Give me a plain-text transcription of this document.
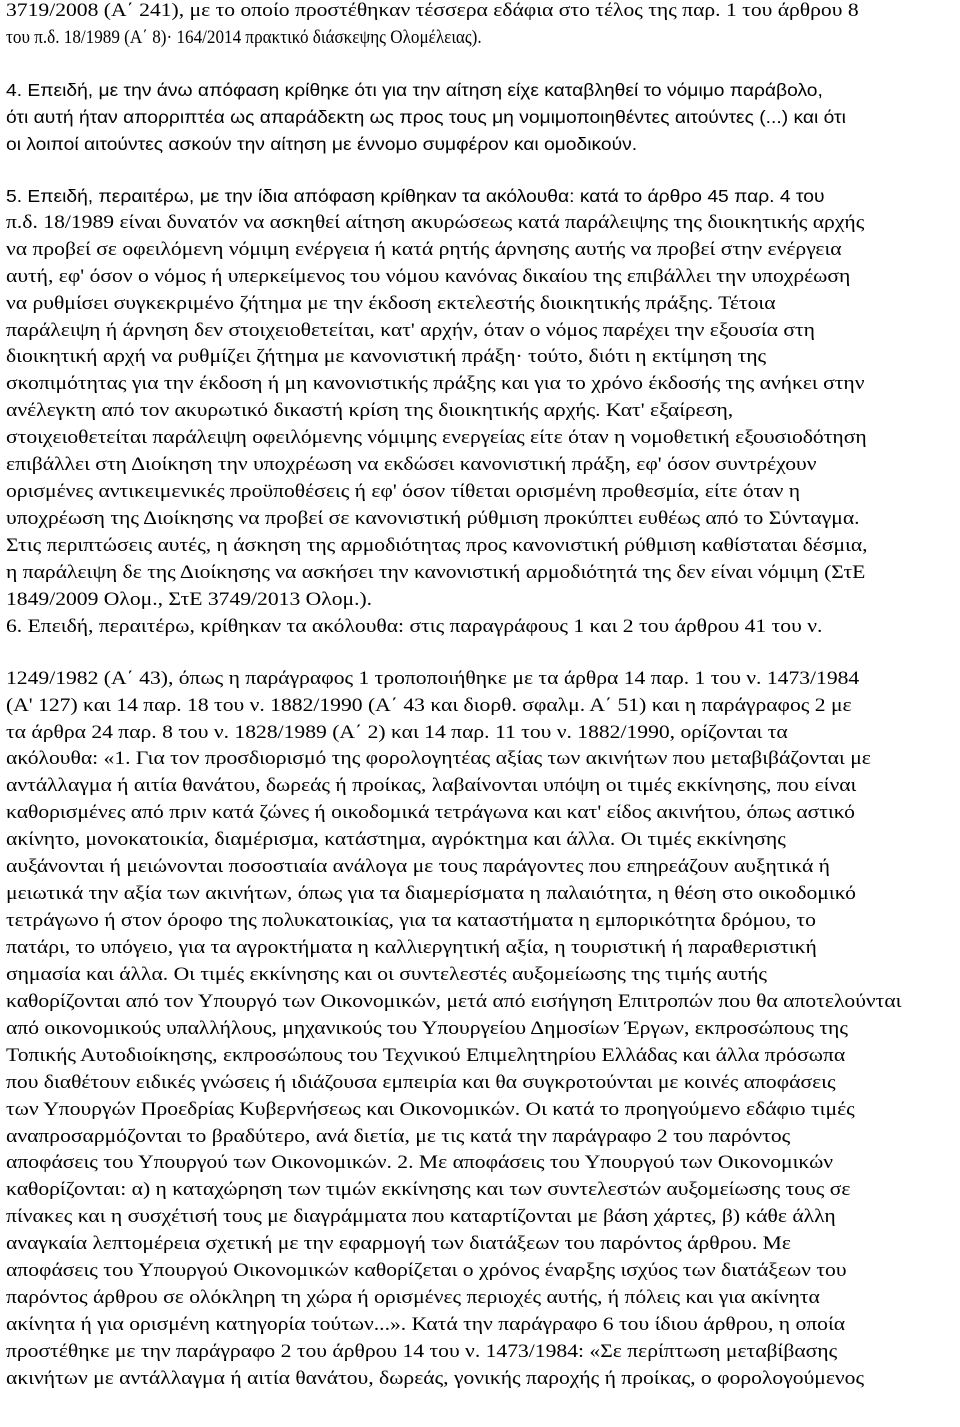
3719/2008 (Α΄ 241), με το οποίο προστέθηκαν τέσσερα εδάφια στο τέλος της παρ. 1 του άρθρου 8
του π.δ. 18/1989 (Α΄ 8)· 164/2014 πρακτικό διάσκεψης Ολομέλειας).
4. Επειδή, με την άνω απόφαση κρίθηκε ότι για την αίτηση είχε καταβληθεί το νόμιμο παράβολο,
ότι αυτή ήταν απορριπτέα ως απαράδεκτη ως προς τους μη νομιμοποιηθέντες αιτούντες (...) και ότι
οι λοιποί αιτούντες ασκούν την αίτηση με έννομο συμφέρον και ομοδικούν.
5. Επειδή, περαιτέρω, με την ίδια απόφαση κρίθηκαν τα ακόλουθα: κατά το άρθρο 45 παρ. 4 του
π.δ. 18/1989 είναι δυνατόν να ασκηθεί αίτηση ακυρώσεως κατά παράλειψης της διοικητικής αρχής
να προβεί σε οφειλόμενη νόμιμη ενέργεια ή κατά ρητής άρνησης αυτής να προβεί στην ενέργεια
αυτή, εφ' όσον ο νόμος ή υπερκείμενος του νόμου κανόνας δικαίου της επιβάλλει την υποχρέωση
να ρυθμίσει συγκεκριμένο ζήτημα με την έκδοση εκτελεστής διοικητικής πράξης. Τέτοια
παράλειψη ή άρνηση δεν στοιχειοθετείται, κατ' αρχήν, όταν ο νόμος παρέχει την εξουσία στη
διοικητική αρχή να ρυθμίζει ζήτημα με κανονιστική πράξη· τούτο, διότι η εκτίμηση της
σκοπιμότητας για την έκδοση ή μη κανονιστικής πράξης και για το χρόνο έκδοσής της ανήκει στην
ανέλεγκτη από τον ακυρωτικό δικαστή κρίση της διοικητικής αρχής. Κατ' εξαίρεση,
στοιχειοθετείται παράλειψη οφειλόμενης νόμιμης ενεργείας είτε όταν η νομοθετική εξουσιοδότηση
επιβάλλει στη Διοίκηση την υποχρέωση να εκδώσει κανονιστική πράξη, εφ' όσον συντρέχουν
ορισμένες αντικειμενικές προϋποθέσεις ή εφ' όσον τίθεται ορισμένη προθεσμία, είτε όταν η
υποχρέωση της Διοίκησης να προβεί σε κανονιστική ρύθμιση προκύπτει ευθέως από το Σύνταγμα.
Στις περιπτώσεις αυτές, η άσκηση της αρμοδιότητας προς κανονιστική ρύθμιση καθίσταται δέσμια,
η παράλειψη δε της Διοίκησης να ασκήσει την κανονιστική αρμοδιότητά της δεν είναι νόμιμη (ΣτΕ
1849/2009 Ολομ., ΣτΕ 3749/2013 Ολομ.).
6. Επειδή, περαιτέρω, κρίθηκαν τα ακόλουθα: στις παραγράφους 1 και 2 του άρθρου 41 του ν.
1249/1982 (Α΄ 43), όπως η παράγραφος 1 τροποποιήθηκε με τα άρθρα 14 παρ. 1 του ν. 1473/1984
(Α' 127) και 14 παρ. 18 του ν. 1882/1990 (Α΄ 43 και διορθ. σφαλμ. Α΄ 51) και η παράγραφος 2 με
τα άρθρα 24 παρ. 8 του ν. 1828/1989 (Α΄ 2) και 14 παρ. 11 του ν. 1882/1990, ορίζονται τα
ακόλουθα: «1. Για τον προσδιορισμό της φορολογητέας αξίας των ακινήτων που μεταβιβάζονται με
αντάλλαγμα ή αιτία θανάτου, δωρεάς ή προίκας, λαβαίνονται υπόψη οι τιμές εκκίνησης, που είναι
καθορισμένες από πριν κατά ζώνες ή οικοδομικά τετράγωνα και κατ' είδος ακινήτου, όπως αστικό
ακίνητο, μονοκατοικία, διαμέρισμα, κατάστημα, αγρόκτημα και άλλα. Οι τιμές εκκίνησης
αυξάνονται ή μειώνονται ποσοστιαία ανάλογα με τους παράγοντες που επηρεάζουν αυξητικά ή
μειωτικά την αξία των ακινήτων, όπως για τα διαμερίσματα η παλαιότητα, η θέση στο οικοδομικό
τετράγωνο ή στον όροφο της πολυκατοικίας, για τα καταστήματα η εμπορικότητα δρόμου, το
πατάρι, το υπόγειο, για τα αγροκτήματα η καλλιεργητική αξία, η τουριστική ή παραθεριστική
σημασία και άλλα. Οι τιμές εκκίνησης και οι συντελεστές αυξομείωσης της τιμής αυτής
καθορίζονται από τον Υπουργό των Οικονομικών, μετά από εισήγηση Επιτροπών που θα αποτελούνται
από οικονομικούς υπαλλήλους, μηχανικούς του Υπουργείου Δημοσίων Έργων, εκπροσώπους της
Τοπικής Αυτοδιοίκησης, εκπροσώπους του Τεχνικού Επιμελητηρίου Ελλάδας και άλλα πρόσωπα
που διαθέτουν ειδικές γνώσεις ή ιδιάζουσα εμπειρία και θα συγκροτούνται με κοινές αποφάσεις
των Υπουργών Προεδρίας Κυβερνήσεως και Οικονομικών. Οι κατά το προηγούμενο εδάφιο τιμές
αναπροσαρμόζονται το βραδύτερο, ανά διετία, με τις κατά την παράγραφο 2 του παρόντος
αποφάσεις του Υπουργού των Οικονομικών. 2. Με αποφάσεις του Υπουργού των Οικονομικών
καθορίζονται: α) η καταχώρηση των τιμών εκκίνησης και των συντελεστών αυξομείωσης τους σε
πίνακες και η συσχέτισή τους με διαγράμματα που καταρτίζονται με βάση χάρτες, β) κάθε άλλη
αναγκαία λεπτομέρεια σχετική με την εφαρμογή των διατάξεων του παρόντος άρθρου. Με
αποφάσεις του Υπουργού Οικονομικών καθορίζεται ο χρόνος έναρξης ισχύος των διατάξεων του
παρόντος άρθρου σε ολόκληρη τη χώρα ή ορισμένες περιοχές αυτής, ή πόλεις και για ακίνητα
ακίνητα ή για ορισμένη κατηγορία τούτων...». Κατά την παράγραφο 6 του ίδιου άρθρου, η οποία
προστέθηκε με την παράγραφο 2 του άρθρου 14 του ν. 1473/1984: «Σε περίπτωση μεταβίβασης
ακινήτων με αντάλλαγμα ή αιτία θανάτου, δωρεάς, γονικής παροχής ή προίκας, ο φορολογούμενος
